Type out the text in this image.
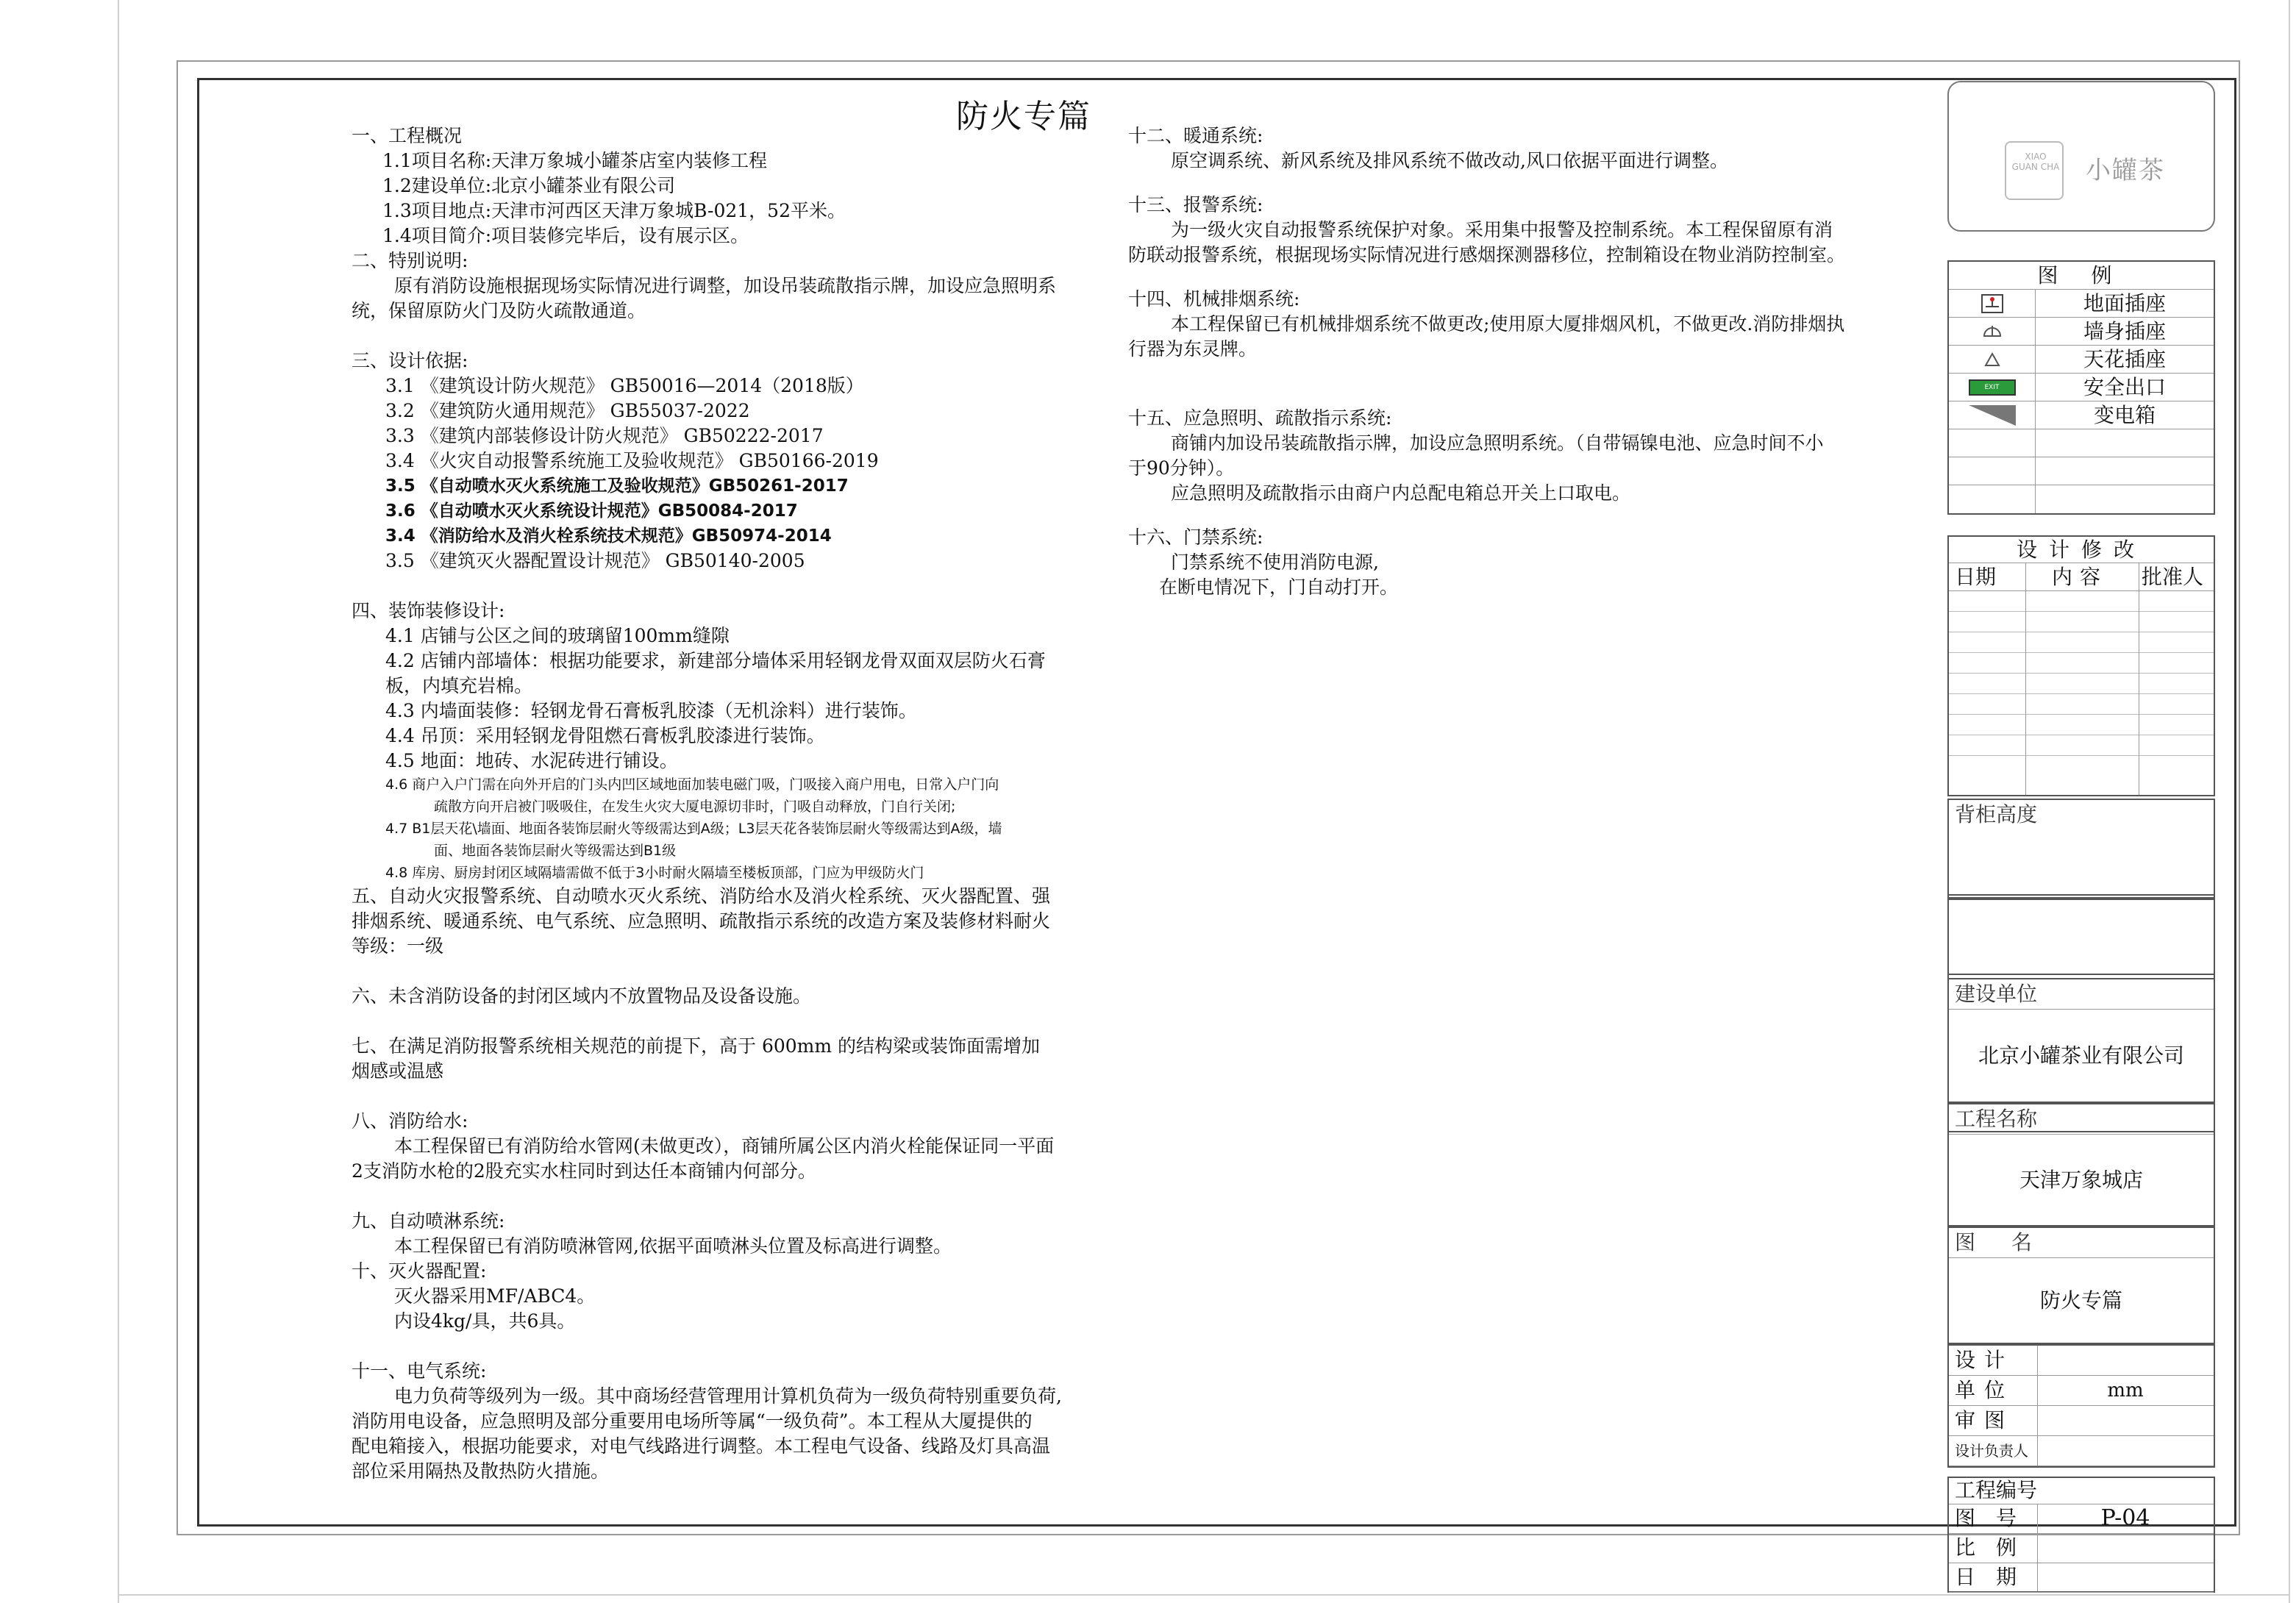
防火专篇
一、工程概况
1.1项目名称:天津万象城小罐茶店室内装修工程
1.2建设单位:北京小罐茶业有限公司
1.3项目地点:天津市河西区天津万象城B-021，52平米。
1.4项目简介:项目装修完毕后，设有展示区。
二、特别说明:
原有消防设施根据现场实际情况进行调整，加设吊装疏散指示牌，加设应急照明系
统，保留原防火门及防火疏散通道。
三、设计依据:
3.1 《建筑设计防火规范》 GB50016—2014（2018版）
3.2 《建筑防火通用规范》 GB55037-2022
3.3 《建筑内部装修设计防火规范》 GB50222-2017
3.4 《火灾自动报警系统施工及验收规范》 GB50166-2019
3.5 《自动喷水灭火系统施工及验收规范》GB50261-2017
3.6 《自动喷水灭火系统设计规范》GB50084-2017
3.4 《消防给水及消火栓系统技术规范》GB50974-2014
3.5 《建筑灭火器配置设计规范》 GB50140-2005
四、装饰装修设计:
4.1 店铺与公区之间的玻璃留100mm缝隙
4.2 店铺内部墙体：根据功能要求，新建部分墙体采用轻钢龙骨双面双层防火石膏
板，内填充岩棉。
4.3 内墙面装修：轻钢龙骨石膏板乳胶漆（无机涂料）进行装饰。
4.4 吊顶：采用轻钢龙骨阻燃石膏板乳胶漆进行装饰。
4.5 地面：地砖、水泥砖进行铺设。
4.6 商户入户门需在向外开启的门头内凹区域地面加装电磁门吸，门吸接入商户用电，日常入户门向
疏散方向开启被门吸吸住，在发生火灾大厦电源切非时，门吸自动释放，门自行关闭;
4.7 B1层天花\墙面、地面各装饰层耐火等级需达到A级；L3层天花各装饰层耐火等级需达到A级，墙
面、地面各装饰层耐火等级需达到B1级
4.8 库房、厨房封闭区域隔墙需做不低于3小时耐火隔墙至楼板顶部，门应为甲级防火门
五、自动火灾报警系统、自动喷水灭火系统、消防给水及消火栓系统、灭火器配置、强
排烟系统、暖通系统、电气系统、应急照明、疏散指示系统的改造方案及装修材料耐火
等级：一级
六、未含消防设备的封闭区域内不放置物品及设备设施。
七、在满足消防报警系统相关规范的前提下，高于 600mm 的结构梁或装饰面需增加
烟感或温感
八、消防给水:
本工程保留已有消防给水管网(未做更改），商铺所属公区内消火栓能保证同一平面
2支消防水枪的2股充实水柱同时到达任本商铺内何部分。
九、自动喷淋系统:
本工程保留已有消防喷淋管网,依据平面喷淋头位置及标高进行调整。
十、灭火器配置:
灭火器采用MF/ABC4。
内设4kg/具，共6具。
十一、电气系统:
电力负荷等级列为一级。其中商场经营管理用计算机负荷为一级负荷特别重要负荷,
消防用电设备，应急照明及部分重要用电场所等属“一级负荷”。本工程从大厦提供的
配电箱接入，根据功能要求，对电气线路进行调整。本工程电气设备、线路及灯具高温
部位采用隔热及散热防火措施。
十二、暖通系统:
原空调系统、新风系统及排风系统不做改动,风口依据平面进行调整。
十三、报警系统:
为一级火灾自动报警系统保护对象。采用集中报警及控制系统。本工程保留原有消
防联动报警系统，根据现场实际情况进行感烟探测器移位，控制箱设在物业消防控制室。
十四、机械排烟系统:
本工程保留已有机械排烟系统不做更改;使用原大厦排烟风机，不做更改.消防排烟执
行器为东灵牌。
十五、应急照明、疏散指示系统:
商铺内加设吊装疏散指示牌，加设应急照明系统。（自带镉镍电池、应急时间不小
于90分钟）。
应急照明及疏散指示由商户内总配电箱总开关上口取电。
十六、门禁系统:
门禁系统不使用消防电源,
在断电情况下，门自动打开。
XIAO GUAN CHA 小罐茶
图 例
地面插座
墙身插座
天花插座
EXIT	安全出口
变电箱
设计修改
日期	内容 批准人
背柜高度
建设单位
北京小罐茶业有限公司
工程名称
天津万象城店
图 名
防火专篇
设计
单位	mm
审图
设计负责人
工程编号
图号	P-04
比例
日期
